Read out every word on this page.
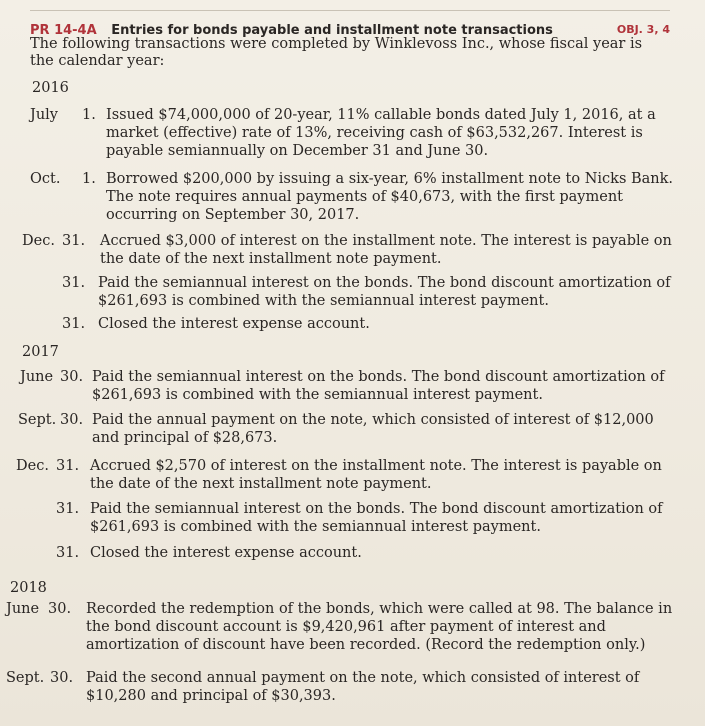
PR 14-4A Entries for bonds payable and installment note transactions	OBJ. 3, 4
The following transactions were completed by Winklevoss Inc., whose fiscal year is the calendar year:
2016
July 1. Issued $74,000,000 of 20-year, 11% callable bonds dated July 1, 2016, at a market (effective) rate of 13%, receiving cash of $63,532,267. Interest is payable semiannually on December 31 and June 30.
Oct. 1. Borrowed $200,000 by issuing a six-year, 6% installment note to Nicks Bank. The note requires annual payments of $40,673, with the first payment occurring on September 30, 2017.
Dec. 31. Accrued $3,000 of interest on the installment note. The interest is payable on the date of the next installment note payment.
31. Paid the semiannual interest on the bonds. The bond discount amortization of $261,693 is combined with the semiannual interest payment.
31. Closed the interest expense account.
2017
June 30. Paid the semiannual interest on the bonds. The bond discount amortization of $261,693 is combined with the semiannual interest payment.
Sept. 30. Paid the annual payment on the note, which consisted of interest of $12,000 and principal of $28,673.
Dec. 31. Accrued $2,570 of interest on the installment note. The interest is payable on the date of the next installment note payment.
31. Paid the semiannual interest on the bonds. The bond discount amortization of $261,693 is combined with the semiannual interest payment.
31. Closed the interest expense account.
2018
June 30. Recorded the redemption of the bonds, which were called at 98. The balance in the bond discount account is $9,420,961 after payment of interest and amortization of discount have been recorded. (Record the redemption only.)
Sept. 30. Paid the second annual payment on the note, which consisted of interest of $10,280 and principal of $30,393.
